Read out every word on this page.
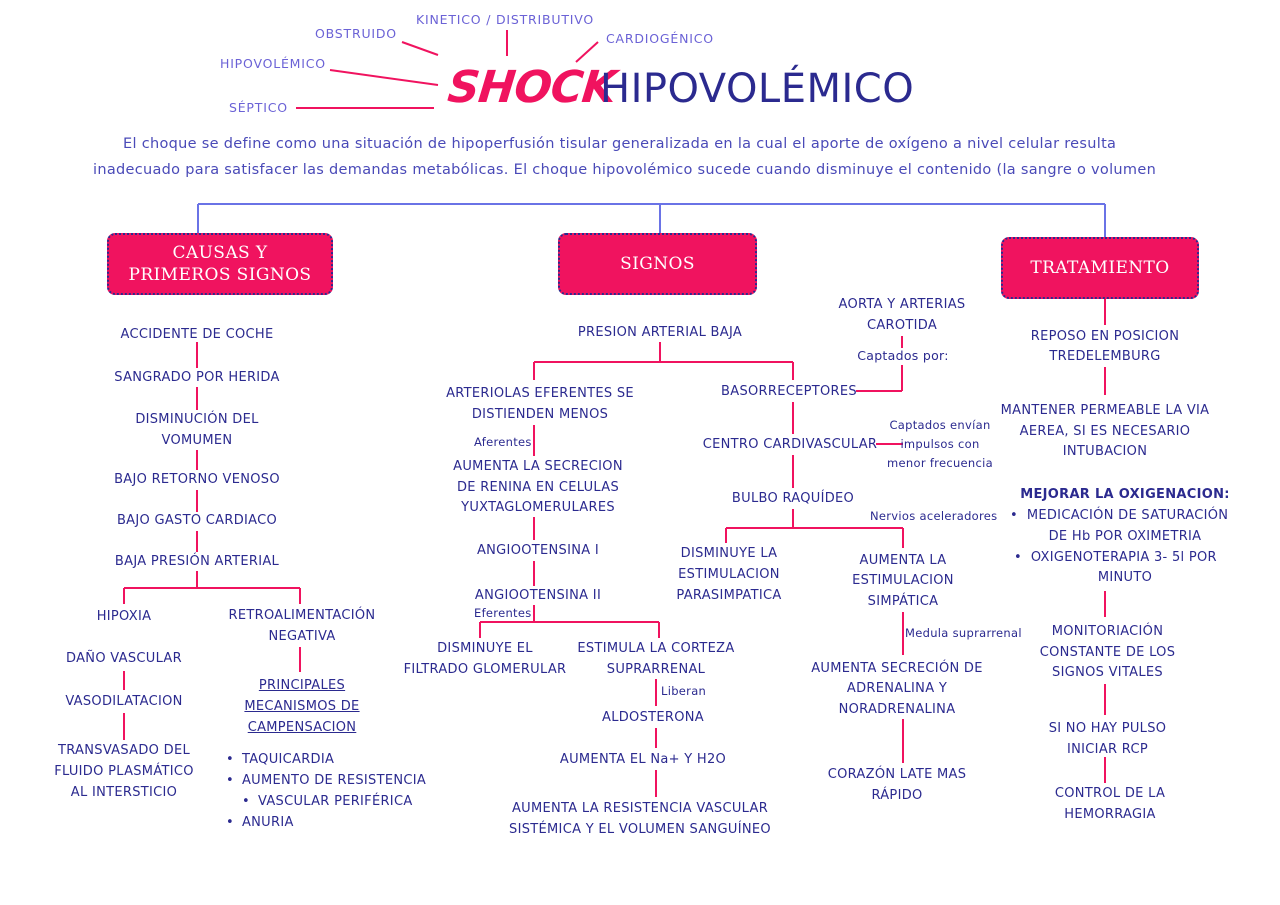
OBSTRUIDO
KINETICO / DISTRIBUTIVO
CARDIOGÉNICO
HIPOVOLÉMICO
SÉPTICO	SHOCK
HIPOVOLÉMICO
El choque se define como una situación de hipoperfusión tisular generalizada en la cual el aporte de oxígeno a nivel celular resulta
inadecuado para satisfacer las demandas metabólicas. El choque hipovolémico sucede cuando disminuye el contenido (la sangre o volumen
CAUSAS Y
PRIMEROS SIGNOS
SIGNOS	TRATAMIENTO
ACCIDENTE DE COCHE
SANGRADO POR HERIDA
DISMINUCIÓN DEL
VOMUMEN
BAJO RETORNO VENOSO
BAJO GASTO CARDIACO
BAJA PRESIÓN ARTERIAL
HIPOXIA
DAÑO VASCULAR
VASODILATACION
TRANSVASADO DEL
FLUIDO PLASMÁTICO
AL INTERSTICIO
RETROALIMENTACIÓN
NEGATIVA
PRINCIPALES
MECANISMOS DE
CAMPENSACION
• TAQUICARDIA
• AUMENTO DE RESISTENCIA
• VASCULAR PERIFÉRICA
• ANURIA
PRESION ARTERIAL BAJA
ARTERIOLAS EFERENTES SE
DISTIENDEN MENOS
Aferentes
AUMENTA LA SECRECION
DE RENINA EN CELULAS
YUXTAGLOMERULARES
ANGIOOTENSINA I
ANGIOOTENSINA II
Eferentes
DISMINUYE EL
FILTRADO GLOMERULAR
ESTIMULA LA CORTEZA
SUPRARRENAL
Liberan
ALDOSTERONA
AUMENTA EL Na+ Y H2O
AUMENTA LA RESISTENCIA VASCULAR
SISTÉMICA Y EL VOLUMEN SANGUÍNEO
AORTA Y ARTERIAS
CAROTIDA
Captados por:
BASORRECEPTORES
Captados envían
impulsos con
menor frecuencia
CENTRO CARDIVASCULAR
BULBO RAQUÍDEO
Nervios aceleradores
DISMINUYE LA
ESTIMULACION
PARASIMPATICA
AUMENTA LA
ESTIMULACION
SIMPÁTICA
Medula suprarrenal
AUMENTA SECRECIÓN DE
ADRENALINA Y
NORADRENALINA
CORAZÓN LATE MAS
RÁPIDO
REPOSO EN POSICION
TREDELEMBURG
MANTENER PERMEABLE LA VIA
AEREA, SI ES NECESARIO
INTUBACION
MEJORAR LA OXIGENACION:
•  MEDICACIÓN DE SATURACIÓN
DE Hb POR OXIMETRIA
•  OXIGENOTERAPIA 3- 5l POR
MINUTO
MONITORIACIÓN
CONSTANTE DE LOS
SIGNOS VITALES
SI NO HAY PULSO
INICIAR RCP
CONTROL DE LA
HEMORRAGIA
